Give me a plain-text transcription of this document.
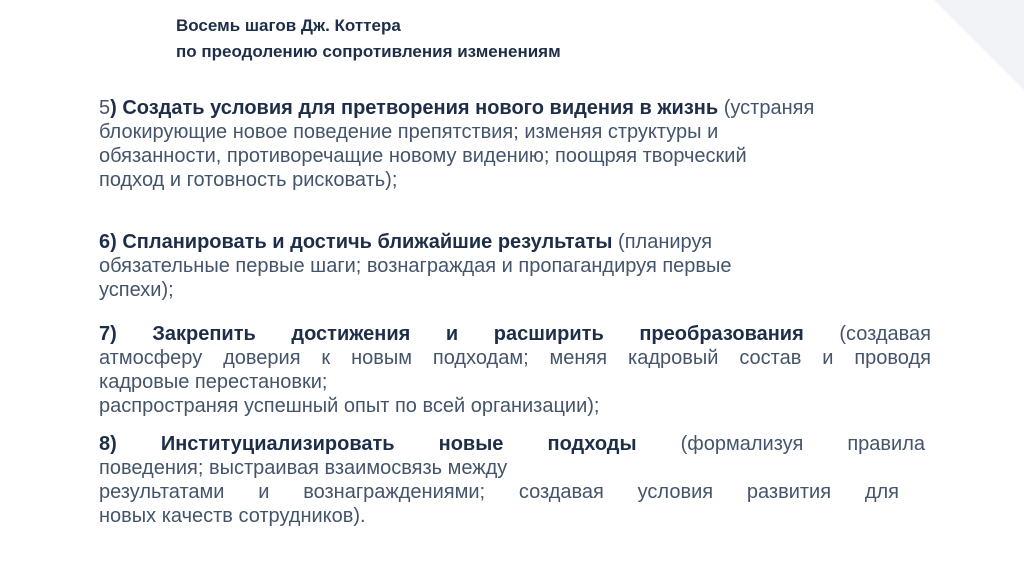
Восемь шагов Дж. Коттера
по преодолению сопротивления изменениям
5) Создать условия для претворения нового видения в жизнь (устраняя
блокирующие новое поведение препятствия; изменяя структуры и
обязанности, противоречащие новому видению; поощряя творческий
подход и готовность рисковать);
6) Спланировать и достичь ближайшие результаты (планируя
обязательные первые шаги; вознаграждая и пропагандируя первые
успехи);
7) Закрепить достижения и расширить преобразования (создавая
атмосферу доверия к новым подходам; меняя кадровый состав и проводя
кадровые перестановки;
распространяя успешный опыт по всей организации);
8) Институциализировать новые подходы (формализуя правила
поведения; выстраивая взаимосвязь между
результатами и вознаграждениями; создавая условия развития для
новых качеств сотрудников).
